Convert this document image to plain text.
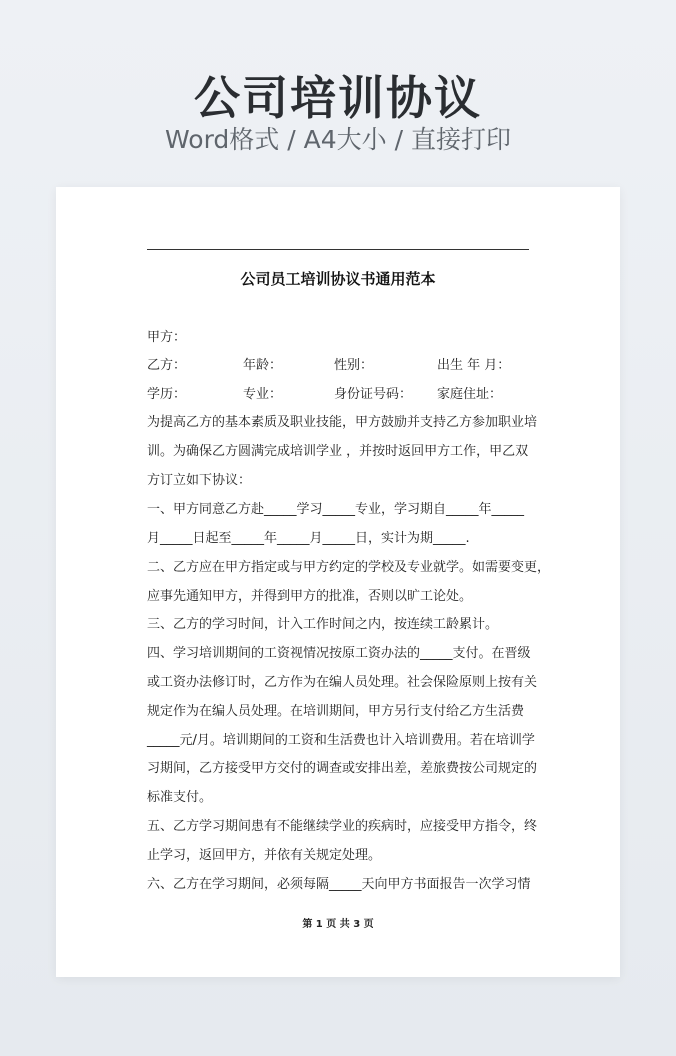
公司培训协议
Word格式 / A4大小 / 直接打印
公司员工培训协议书通用范本
甲方：
乙方：	年龄：	性别：	出生 年 月：
学历：	专业：	身份证号码： 家庭住址：
为提高乙方的基本素质及职业技能，甲方鼓励并支持乙方参加职业培
训。为确保乙方圆满完成培训学业 ，并按时返回甲方工作，甲乙双
方订立如下协议：
一、甲方同意乙方赴_____学习_____专业，学习期自_____年_____
月_____日起至_____年_____月_____日，实计为期_____.
二、乙方应在甲方指定或与甲方约定的学校及专业就学。如需要变更，
应事先通知甲方，并得到甲方的批准，否则以旷工论处。
三、乙方的学习时间，计入工作时间之内，按连续工龄累计。
四、学习培训期间的工资视情况按原工资办法的_____支付。在晋级
或工资办法修订时，乙方作为在编人员处理。社会保险原则上按有关
规定作为在编人员处理。在培训期间，甲方另行支付给乙方生活费
_____元/月。培训期间的工资和生活费也计入培训费用。若在培训学
习期间，乙方接受甲方交付的调查或安排出差，差旅费按公司规定的
标准支付。
五、乙方学习期间患有不能继续学业的疾病时，应接受甲方指令，终
止学习，返回甲方，并依有关规定处理。
六、乙方在学习期间，必须每隔_____天向甲方书面报告一次学习情
第 1 页 共 3 页
